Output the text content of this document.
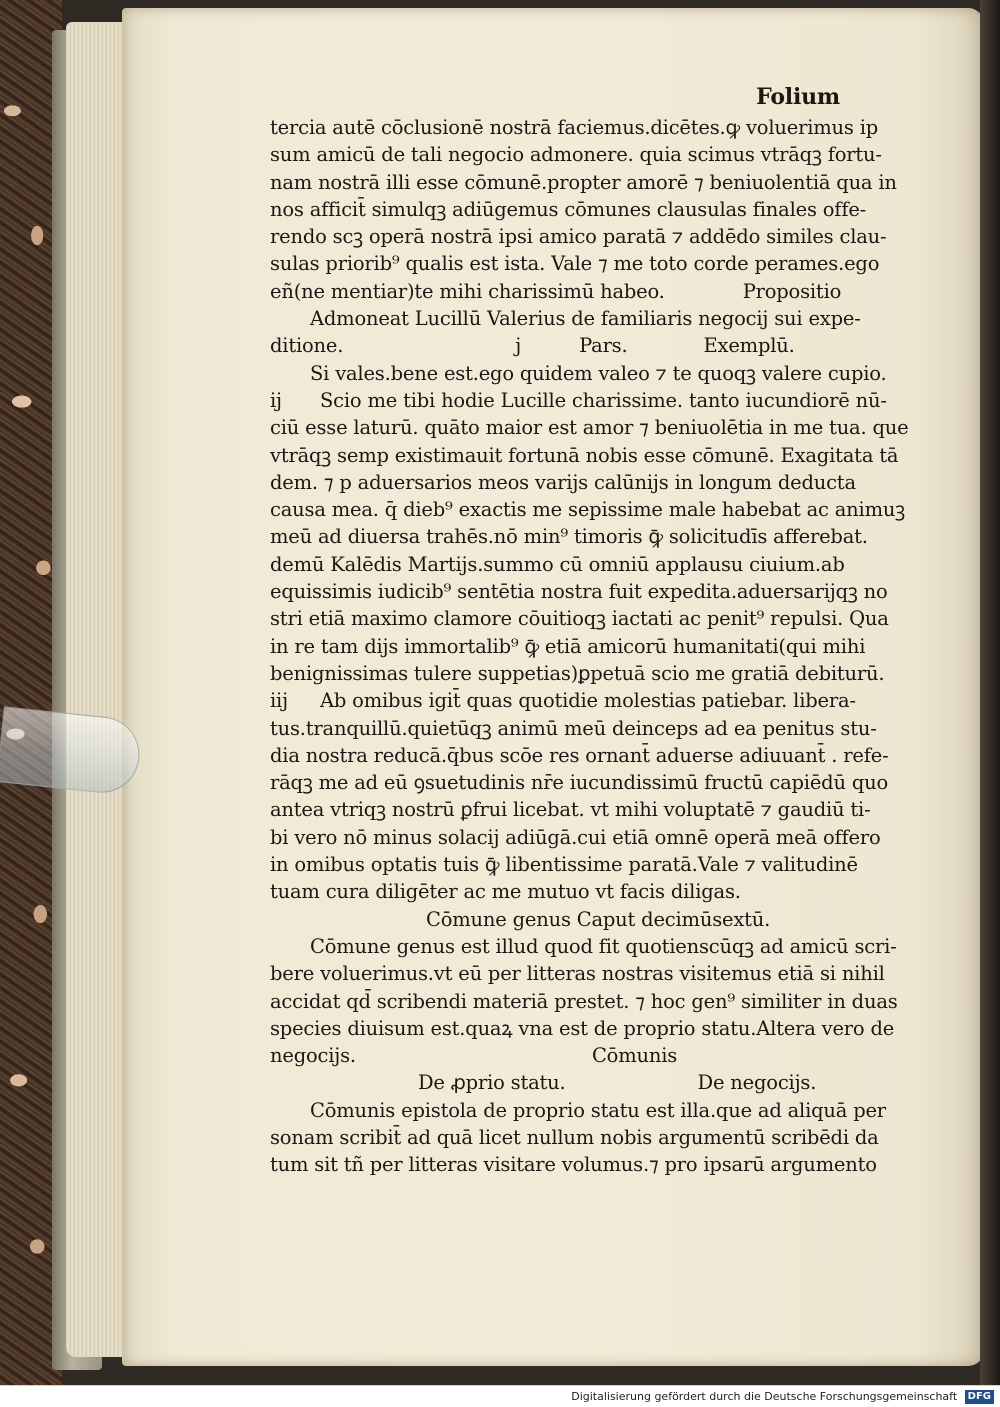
Folium
tercia autē cōclusionē nostrā faciemus.dicētes.ꝙ voluerimus ip
sum amicū de tali negocio admonere. quia scimus vtrāqꝫ fortu-
nam nostrā illi esse cōmunē.propter amorē ⁊ beniuolentiā qua in
nos afficit̄ simulqꝫ adiūgemus cōmunes clausulas finales offe-
rendo scꝫ operā nostrā ipsi amico paratā ⁊ addēdo similes clau-
sulas priorib⁹ qualis est ista. Vale ⁊ me toto corde perames.ego
eñ(ne mentiar)te mihi charissimū habeo.	Propositio
Admoneat Lucillū Valerius de familiaris negocij sui expe-
ditione.	j	Pars.	Exemplū.
Si vales.bene est.ego quidem valeo ⁊ te quoqꝫ valere cupio.
ij Scio me tibi hodie Lucille charissime. tanto iucundiorē nū-
ciū esse laturū. quāto maior est amor ⁊ beniuolētia in me tua. que
vtrāqꝫ semp existimauit fortunā nobis esse cōmunē. Exagitata tā
dem. ⁊ p aduersarios meos varijs calūnijs in longum deducta
causa mea. q̄ dieb⁹ exactis me sepissime male habebat ac animuꝫ
meū ad diuersa trahēs.nō min⁹ timoris ꝙ̄ solicitudīs afferebat.
demū Kalēdis Martijs.summo cū omniū applausu ciuium.ab
equissimis iudicib⁹ sentētia nostra fuit expedita.aduersarijqꝫ no
stri etiā maximo clamore cōuitioqꝫ iactati ac penit⁹ repulsi. Qua
in re tam dijs immortalib⁹ ꝙ̄ etiā amicorū humanitati(qui mihi
benignissimas tulere suppetias)ꝑpetuā scio me gratiā debiturū.
iij Ab omibus igit̄ quas quotidie molestias patiebar. libera-
tus.tranquillū.quietūqꝫ animū meū deinceps ad ea penitus stu-
dia nostra reducā.q̄bus scōe res ornant̄ aduerse adiuuant̄ . refe-
rāqꝫ me ad eū ꝯsuetudinis nr̄e iucundissimū fructū capiēdū quo
antea vtriqꝫ nostrū ꝑfrui licebat. vt mihi voluptatē ⁊ gaudiū ti-
bi vero nō minus solacij adiūgā.cui etiā omnē operā meā offero
in omibus optatis tuis ꝙ̄ libentissime paratā.Vale ⁊ valitudinē
tuam cura diligēter ac me mutuo vt facis diligas.
Cōmune genus Caput decimūsextū.
Cōmune genus est illud quod fit quotienscūqꝫ ad amicū scri-
bere voluerimus.vt eū per litteras nostras visitemus etiā si nihil
accidat qd̄ scribendi materiā prestet. ⁊ hoc gen⁹ similiter in duas
species diuisum est.quaꝝ vna est de proprio statu.Altera vero de
negocijs.	Cōmunis
De ꝓprio statu.	De negocijs.
Cōmunis epistola de proprio statu est illa.que ad aliquā per
sonam scribit̄ ad quā licet nullum nobis argumentū scribēdi da
tum sit tñ per litteras visitare volumus.⁊ pro ipsarū argumento
Digitalisierung gefördert durch die Deutsche Forschungsgemeinschaft DFG
